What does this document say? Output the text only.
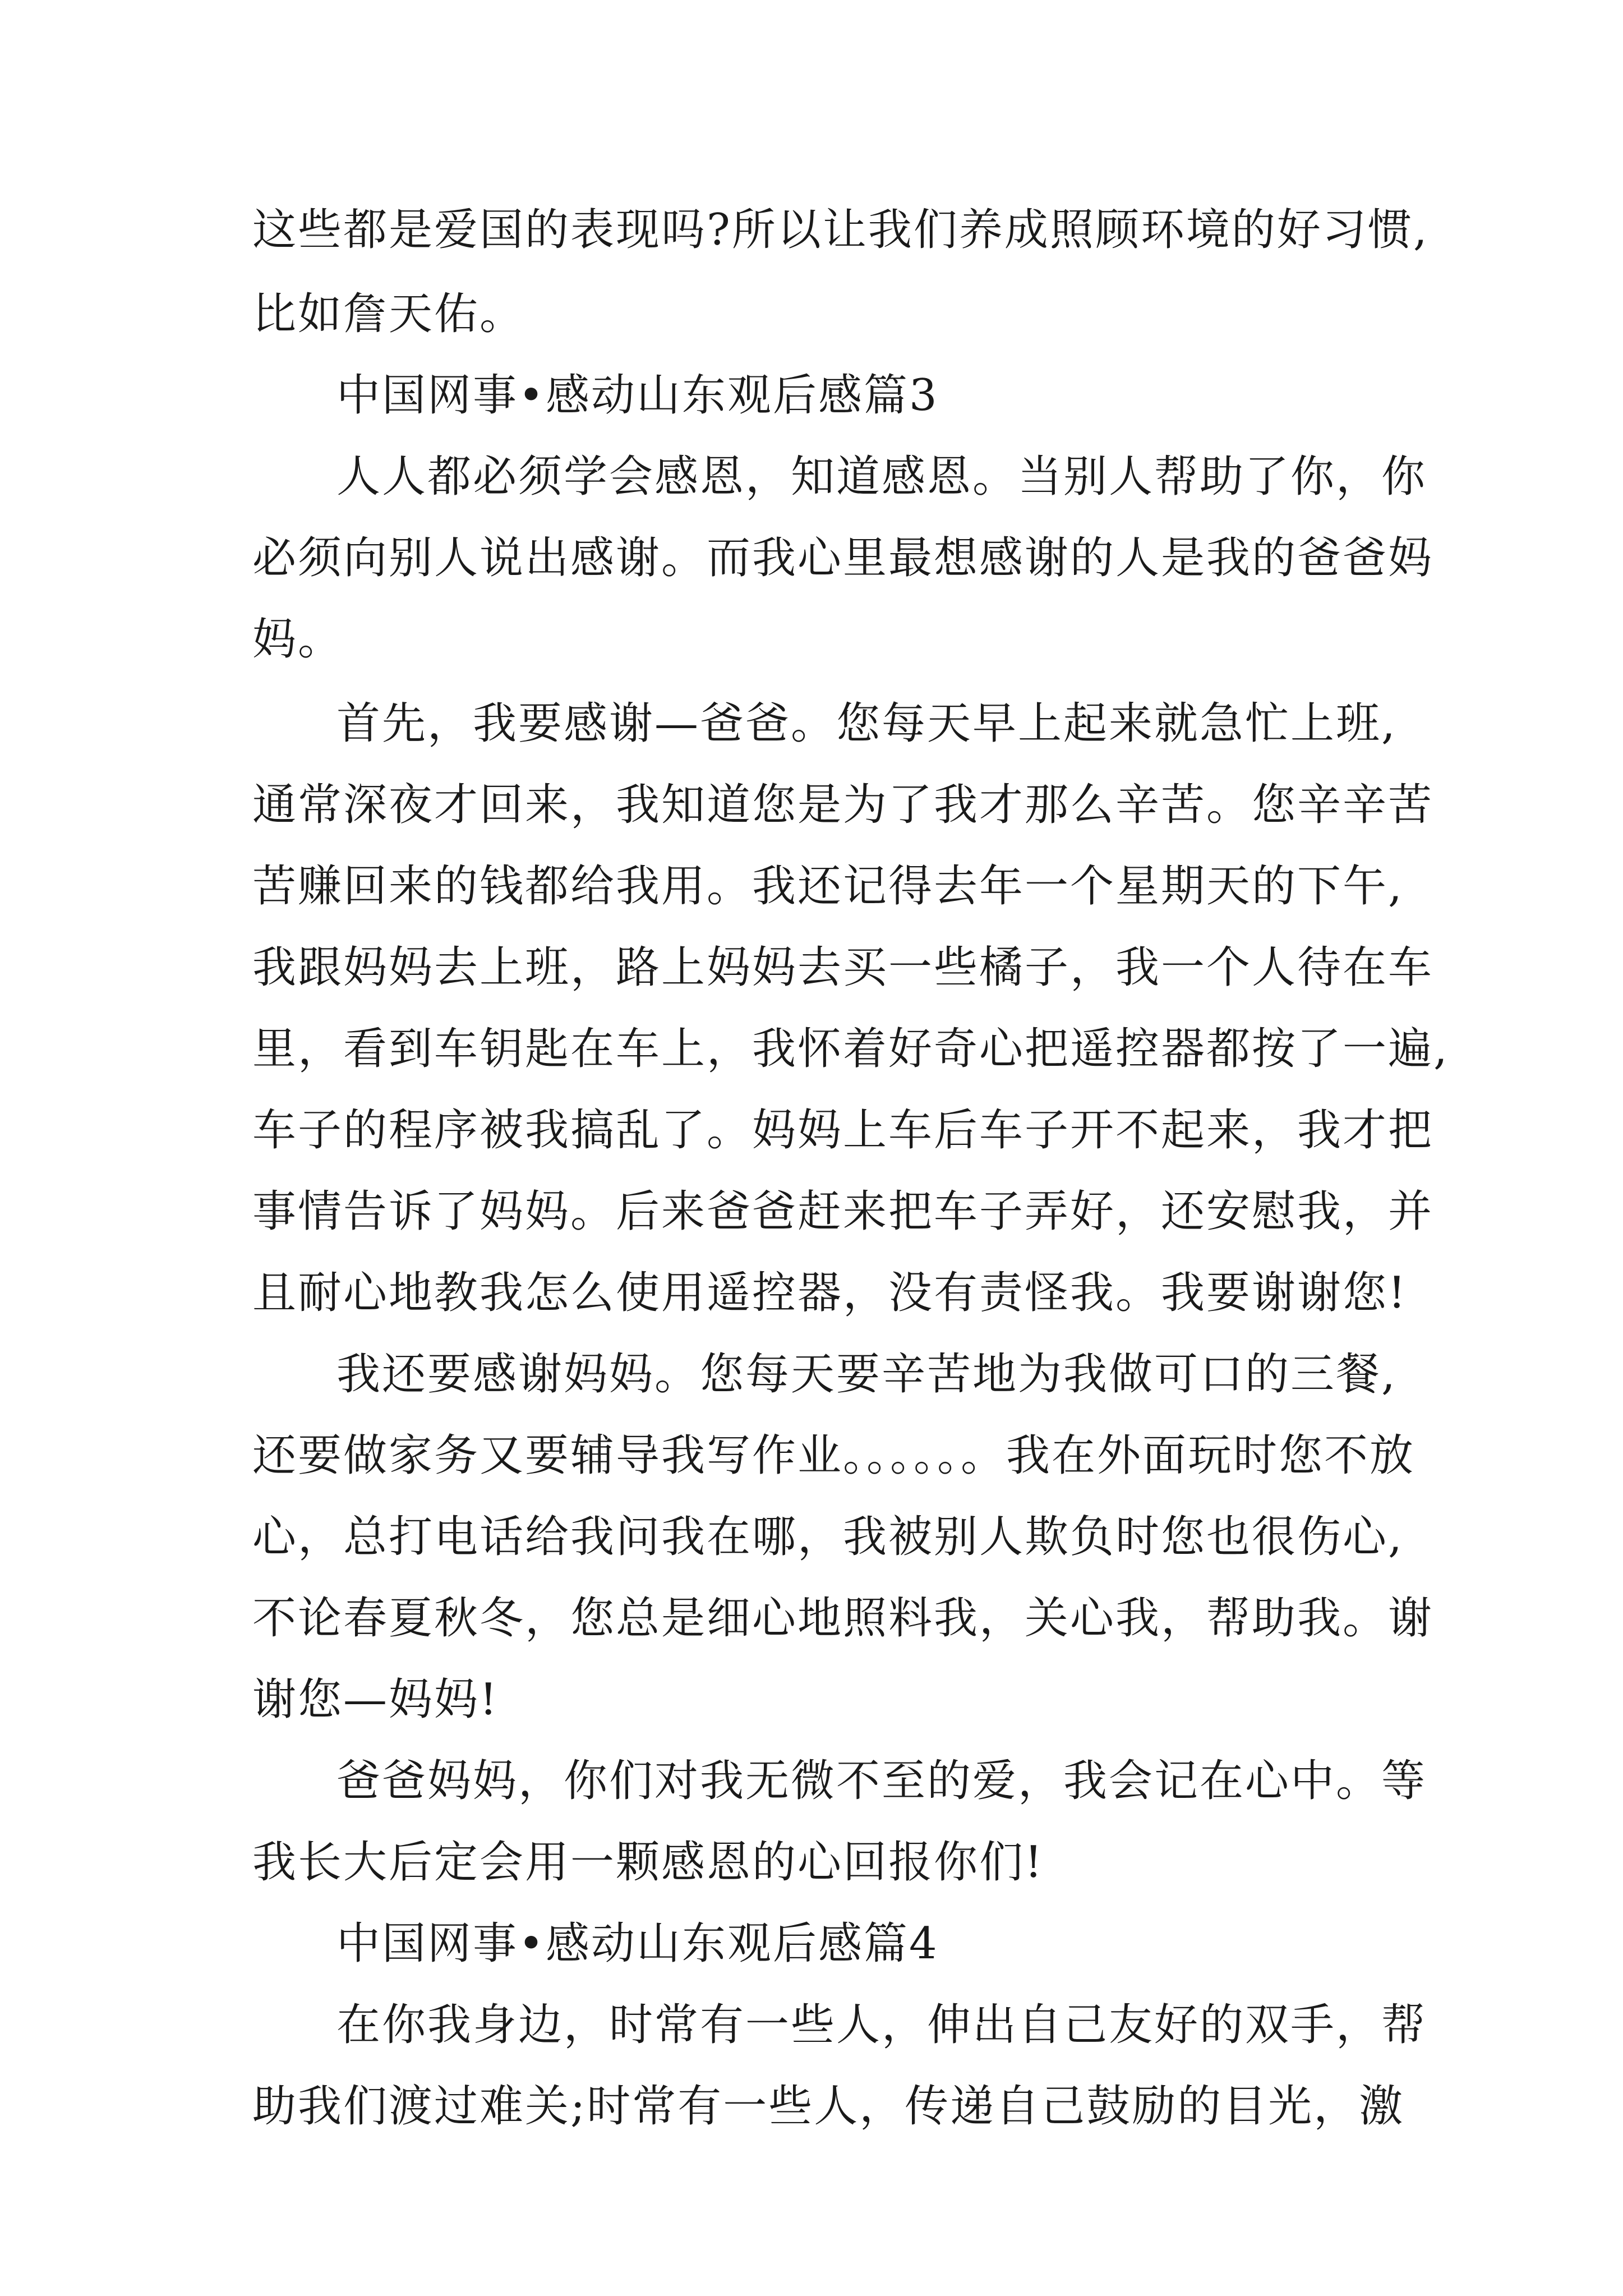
这些都是爱国的表现吗?所以让我们养成照顾环境的好习惯,
比如詹天佑。
中国网事•感动山东观后感篇3
人人都必须学会感恩，知道感恩。当别人帮助了你，你
必须向别人说出感谢。而我心里最想感谢的人是我的爸爸妈
妈。
首先，我要感谢—爸爸。您每天早上起来就急忙上班,
通常深夜才回来，我知道您是为了我才那么辛苦。您辛辛苦
苦赚回来的钱都给我用。我还记得去年一个星期天的下午,
我跟妈妈去上班，路上妈妈去买一些橘子，我一个人待在车
里，看到车钥匙在车上，我怀着好奇心把遥控器都按了一遍,
车子的程序被我搞乱了。妈妈上车后车子开不起来，我才把
事情告诉了妈妈。后来爸爸赶来把车子弄好，还安慰我，并
且耐心地教我怎么使用遥控器，没有责怪我。我要谢谢您!
我还要感谢妈妈。您每天要辛苦地为我做可口的三餐,
还要做家务又要辅导我写作业。。。。。。我在外面玩时您不放
心，总打电话给我问我在哪，我被别人欺负时您也很伤心,
不论春夏秋冬，您总是细心地照料我，关心我，帮助我。谢
谢您—妈妈!
爸爸妈妈，你们对我无微不至的爱，我会记在心中。等
我长大后定会用一颗感恩的心回报你们!
中国网事•感动山东观后感篇4
在你我身边，时常有一些人，伸出自己友好的双手，帮
助我们渡过难关;时常有一些人，传递自己鼓励的目光，激
